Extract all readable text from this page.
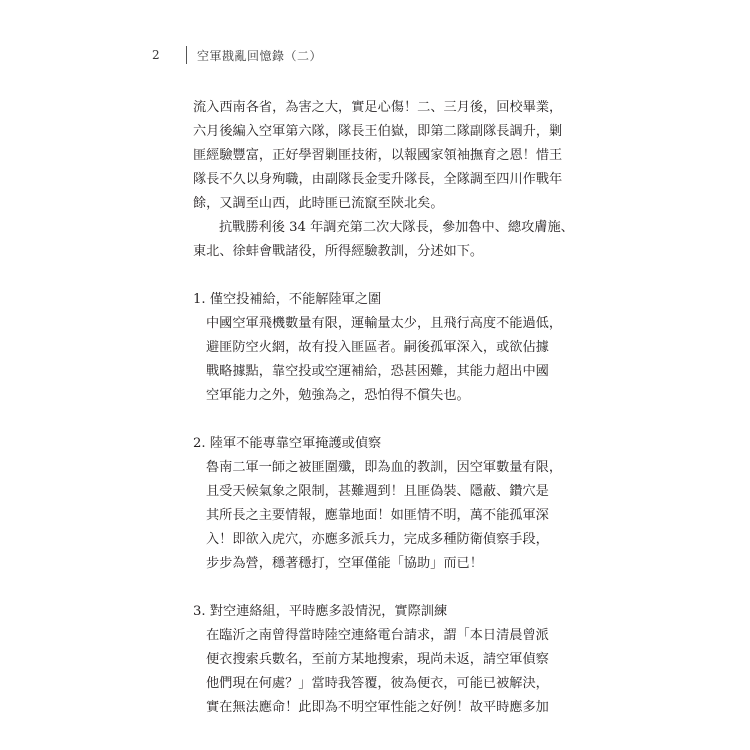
2	空軍戡亂回憶錄（二）
流入西南各省，為害之大，實足心傷！二、三月後，回校畢業，
六月後編入空軍第六隊，隊長王伯嶽，即第二隊副隊長調升，剿
匪經驗豐富，正好學習剿匪技術，以報國家領袖撫育之恩！惜王
隊長不久以身殉職，由副隊長金雯升隊長，全隊調至四川作戰年
餘，又調至山西，此時匪已流竄至陝北矣。
抗戰勝利後 34 年調充第二次大隊長，參加魯中、總攻膚施、
東北、徐蚌會戰諸役，所得經驗教訓，分述如下。
1. 僅空投補給，不能解陸軍之圍
中國空軍飛機數量有限，運輸量太少，且飛行高度不能過低，
避匪防空火網，故有投入匪區者。嗣後孤軍深入，或欲佔據
戰略據點，靠空投或空運補給，恐甚困難，其能力超出中國
空軍能力之外，勉強為之，恐怕得不償失也。
2. 陸軍不能專靠空軍掩護或偵察
魯南二軍一師之被匪圍殲，即為血的教訓，因空軍數量有限，
且受天候氣象之限制，甚難週到！且匪偽裝、隱蔽、鑽穴是
其所長之主要情報，應靠地面！如匪情不明，萬不能孤軍深
入！即欲入虎穴，亦應多派兵力，完成多種防衛偵察手段，
步步為營，穩著穩打，空軍僅能「協助」而已！
3. 對空連絡組，平時應多設情況，實際訓練
在臨沂之南曾得當時陸空連絡電台請求，謂「本日清晨曾派
便衣搜索兵數名，至前方某地搜索，現尚未返，請空軍偵察
他們現在何處？」當時我答覆，彼為便衣，可能已被解決，
實在無法應命！此即為不明空軍性能之好例！故平時應多加
